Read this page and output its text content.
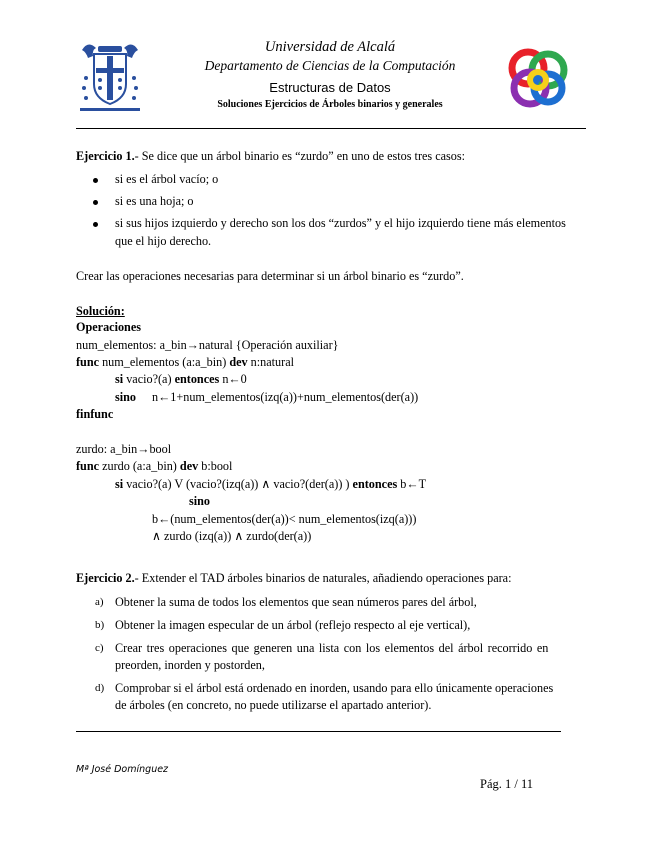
Universidad de Alcalá
Departamento de Ciencias de la Computación
Estructuras de Datos
Soluciones Ejercicios de Árboles binarios y generales
Ejercicio 1.- Se dice que un árbol binario es “zurdo” en uno de estos tres casos:
si es el árbol vacío; o
si es una hoja; o
si sus hijos izquierdo y derecho son los dos “zurdos” y el hijo izquierdo tiene más elementos
que el hijo derecho.
Crear las operaciones necesarias para determinar si un árbol binario es “zurdo”.
Solución:
Operaciones
num_elementos: a_bin→natural {Operación auxiliar}
func num_elementos (a:a_bin) dev n:natural
si vacio?(a) entonces n←0
sino n←1+num_elementos(izq(a))+num_elementos(der(a))
finfunc
zurdo: a_bin→bool
func zurdo (a:a_bin) dev b:bool
si vacio?(a) V (vacio?(izq(a)) ∧ vacio?(der(a)) ) entonces b←T
sino
b←(num_elementos(der(a))< num_elementos(izq(a)))
∧ zurdo (izq(a)) ∧ zurdo(der(a))
Ejercicio 2.- Extender el TAD árboles binarios de naturales, añadiendo operaciones para:
a) Obtener la suma de todos los elementos que sean números pares del árbol,
b) Obtener la imagen especular de un árbol (reflejo respecto al eje vertical),
c) Crear tres operaciones que generen una lista con los elementos del árbol recorrido en
preorden, inorden y postorden,
d) Comprobar si el árbol está ordenado en inorden, usando para ello únicamente operaciones
de árboles (en concreto, no puede utilizarse el apartado anterior).
Mª José Domínguez
Pág. 1 / 11
